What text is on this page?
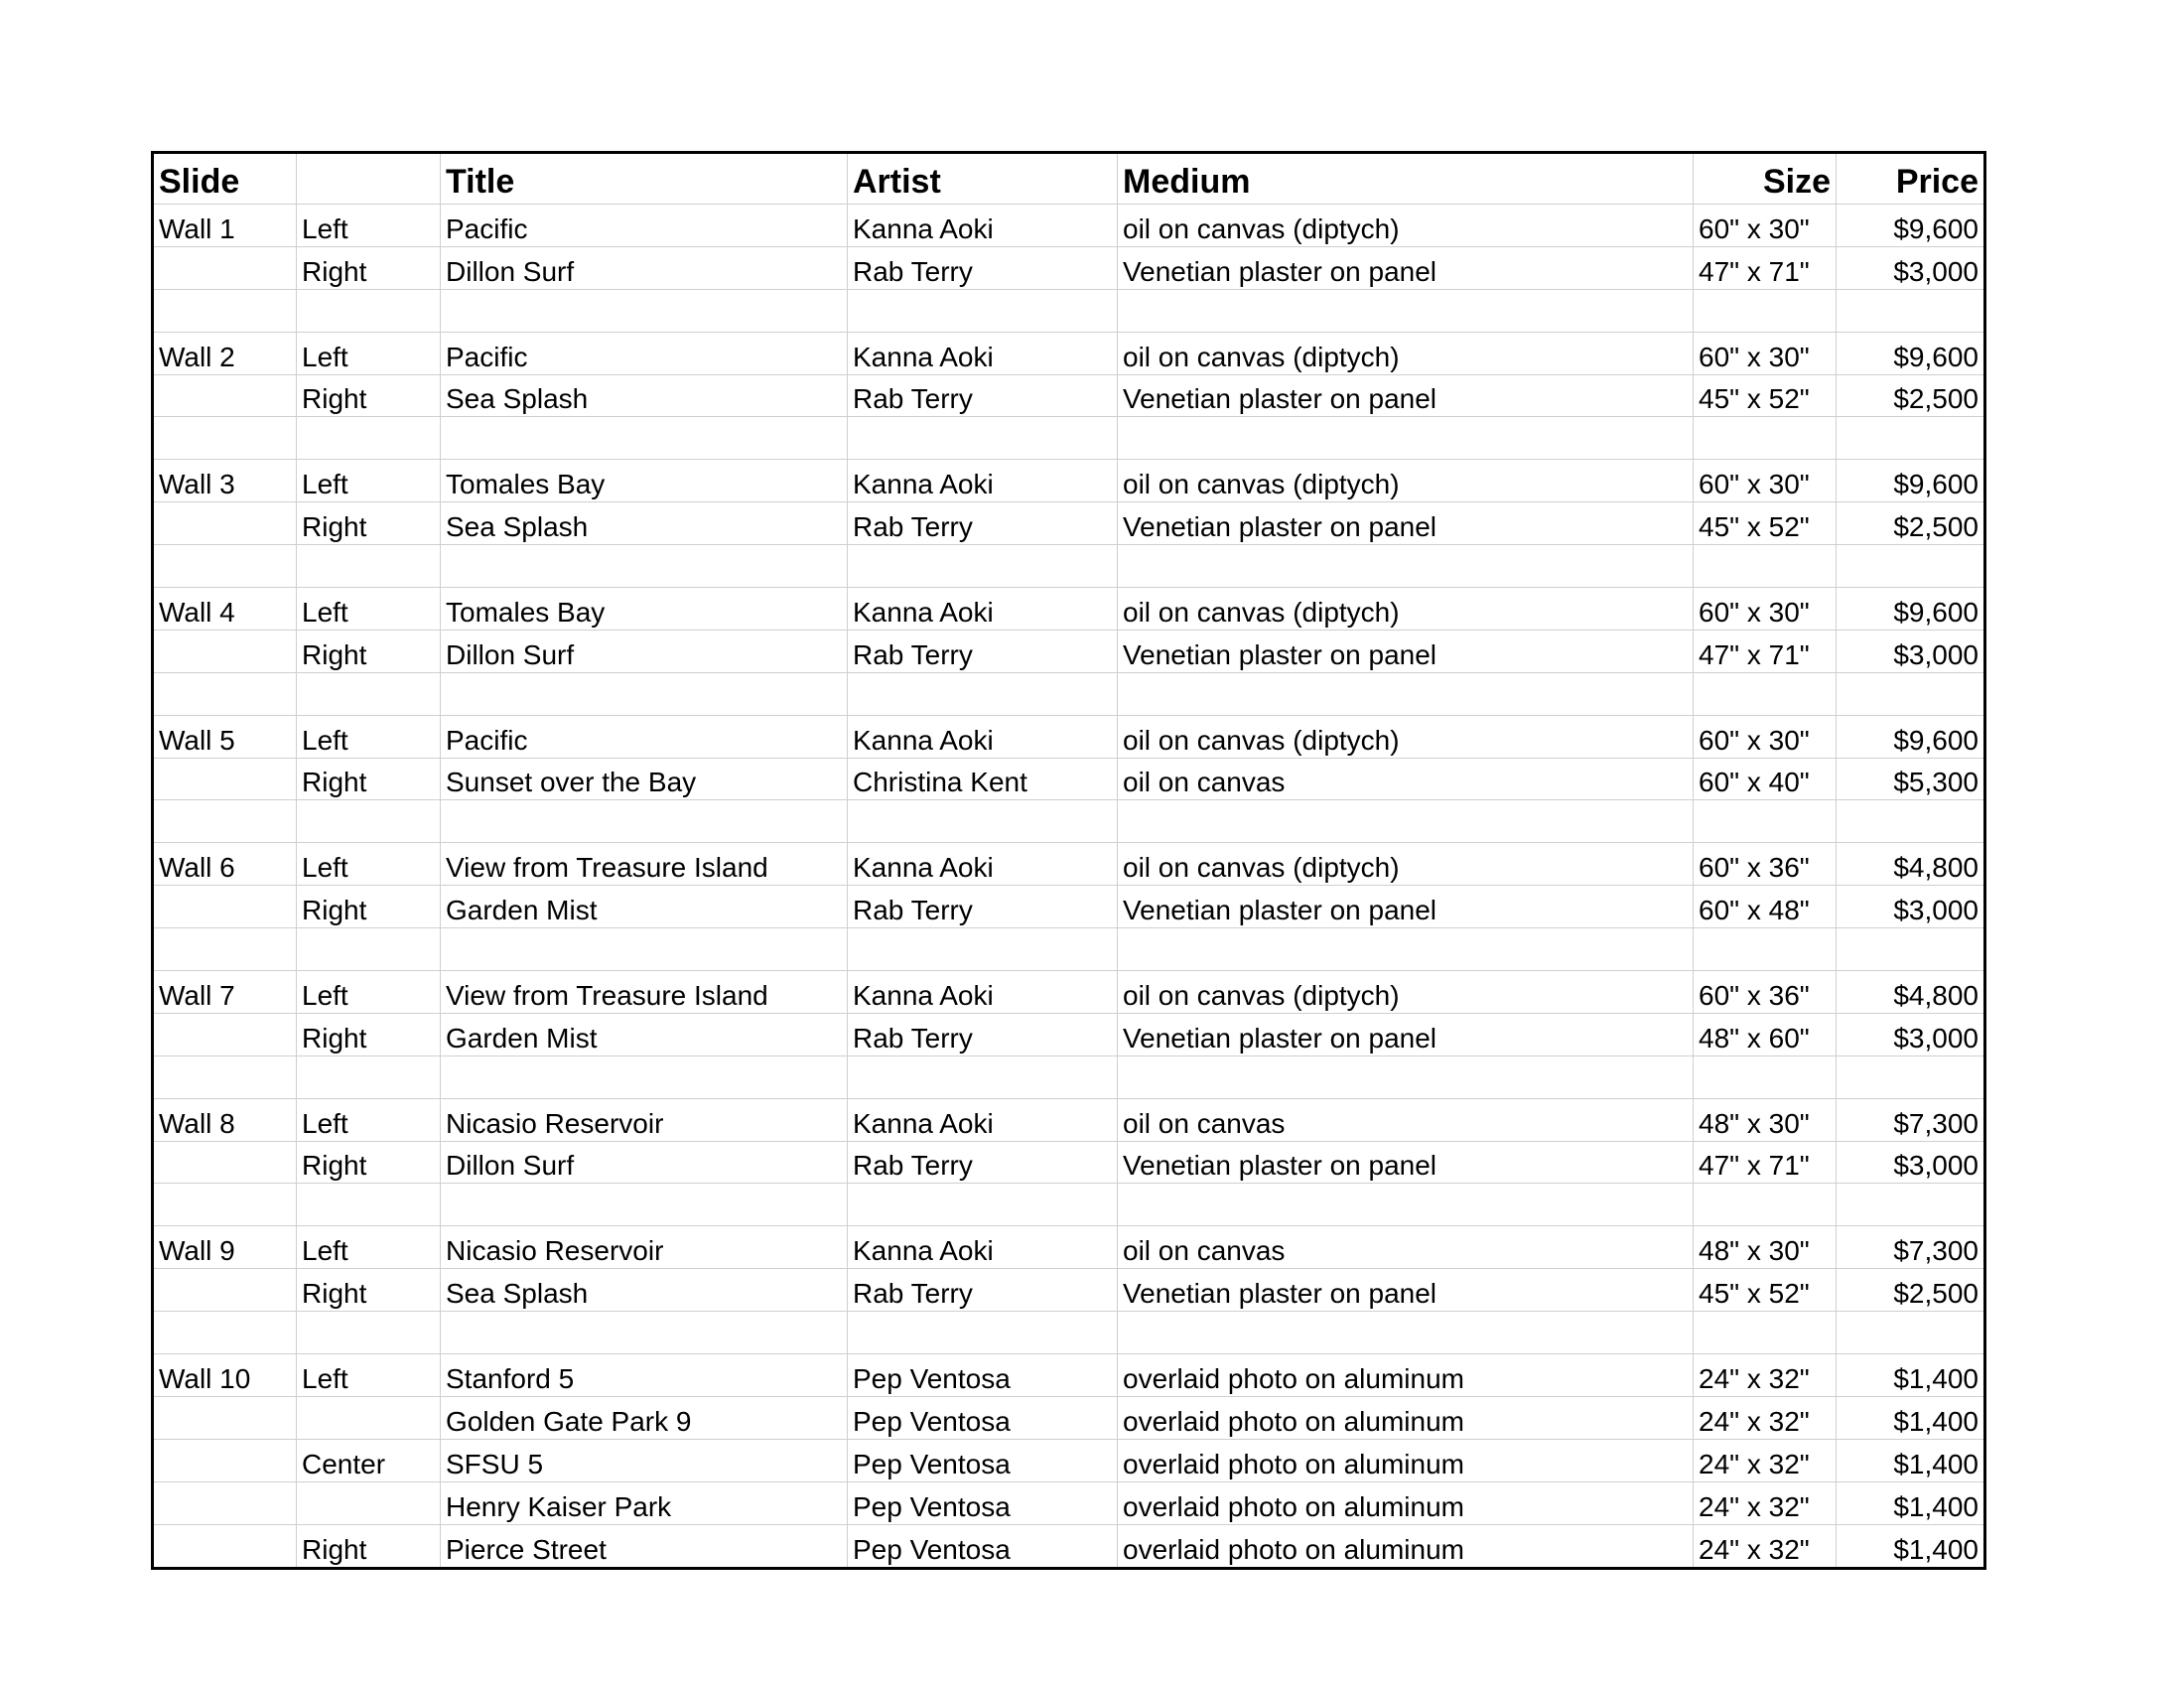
Slide		Title	Artist	Medium	Size	Price
Wall 1	Left	Pacific	Kanna Aoki	oil on canvas (diptych)	60" x 30"	$9,600
	Right	Dillon Surf	Rab Terry	Venetian plaster on panel	47" x 71"	$3,000

Wall 2	Left	Pacific	Kanna Aoki	oil on canvas (diptych)	60" x 30"	$9,600
	Right	Sea Splash	Rab Terry	Venetian plaster on panel	45" x 52"	$2,500

Wall 3	Left	Tomales Bay	Kanna Aoki	oil on canvas (diptych)	60" x 30"	$9,600
	Right	Sea Splash	Rab Terry	Venetian plaster on panel	45" x 52"	$2,500

Wall 4	Left	Tomales Bay	Kanna Aoki	oil on canvas (diptych)	60" x 30"	$9,600
	Right	Dillon Surf	Rab Terry	Venetian plaster on panel	47" x 71"	$3,000

Wall 5	Left	Pacific	Kanna Aoki	oil on canvas (diptych)	60" x 30"	$9,600
	Right	Sunset over the Bay	Christina Kent	oil on canvas	60" x 40"	$5,300

Wall 6	Left	View from Treasure Island	Kanna Aoki	oil on canvas (diptych)	60" x 36"	$4,800
	Right	Garden Mist	Rab Terry	Venetian plaster on panel	60" x 48"	$3,000

Wall 7	Left	View from Treasure Island	Kanna Aoki	oil on canvas (diptych)	60" x 36"	$4,800
	Right	Garden Mist	Rab Terry	Venetian plaster on panel	48" x 60"	$3,000

Wall 8	Left	Nicasio Reservoir	Kanna Aoki	oil on canvas	48" x 30"	$7,300
	Right	Dillon Surf	Rab Terry	Venetian plaster on panel	47" x 71"	$3,000

Wall 9	Left	Nicasio Reservoir	Kanna Aoki	oil on canvas	48" x 30"	$7,300
	Right	Sea Splash	Rab Terry	Venetian plaster on panel	45" x 52"	$2,500

Wall 10	Left	Stanford 5	Pep Ventosa	overlaid photo on aluminum	24" x 32"	$1,400
		Golden Gate Park 9	Pep Ventosa	overlaid photo on aluminum	24" x 32"	$1,400
	Center	SFSU 5	Pep Ventosa	overlaid photo on aluminum	24" x 32"	$1,400
		Henry Kaiser Park	Pep Ventosa	overlaid photo on aluminum	24" x 32"	$1,400
	Right	Pierce Street	Pep Ventosa	overlaid photo on aluminum	24" x 32"	$1,400
